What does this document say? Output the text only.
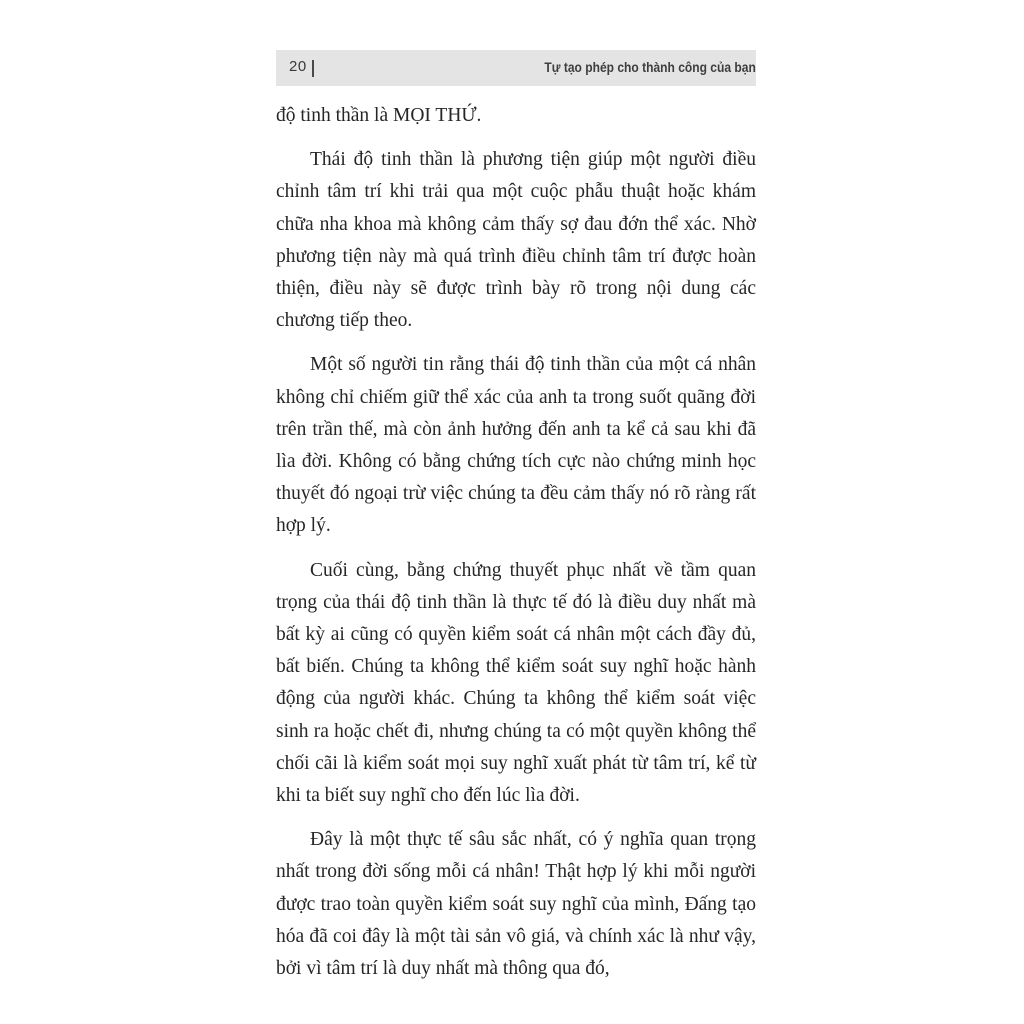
20	Tự tạo phép cho thành công của bạn

độ tinh thần là MỌI THỨ.

Thái độ tinh thần là phương tiện giúp một người điều chỉnh tâm trí khi trải qua một cuộc phẫu thuật hoặc khám chữa nha khoa mà không cảm thấy sợ đau đớn thể xác. Nhờ phương tiện này mà quá trình điều chỉnh tâm trí được hoàn thiện, điều này sẽ được trình bày rõ trong nội dung các chương tiếp theo.

Một số người tin rằng thái độ tinh thần của một cá nhân không chỉ chiếm giữ thể xác của anh ta trong suốt quãng đời trên trần thế, mà còn ảnh hưởng đến anh ta kể cả sau khi đã lìa đời. Không có bằng chứng tích cực nào chứng minh học thuyết đó ngoại trừ việc chúng ta đều cảm thấy nó rõ ràng rất hợp lý.

Cuối cùng, bằng chứng thuyết phục nhất về tầm quan trọng của thái độ tinh thần là thực tế đó là điều duy nhất mà bất kỳ ai cũng có quyền kiểm soát cá nhân một cách đầy đủ, bất biến. Chúng ta không thể kiểm soát suy nghĩ hoặc hành động của người khác. Chúng ta không thể kiểm soát việc sinh ra hoặc chết đi, nhưng chúng ta có một quyền không thể chối cãi là kiểm soát mọi suy nghĩ xuất phát từ tâm trí, kể từ khi ta biết suy nghĩ cho đến lúc lìa đời.

Đây là một thực tế sâu sắc nhất, có ý nghĩa quan trọng nhất trong đời sống mỗi cá nhân! Thật hợp lý khi mỗi người được trao toàn quyền kiểm soát suy nghĩ của mình, Đấng tạo hóa đã coi đây là một tài sản vô giá, và chính xác là như vậy, bởi vì tâm trí là duy nhất mà thông qua đó,
